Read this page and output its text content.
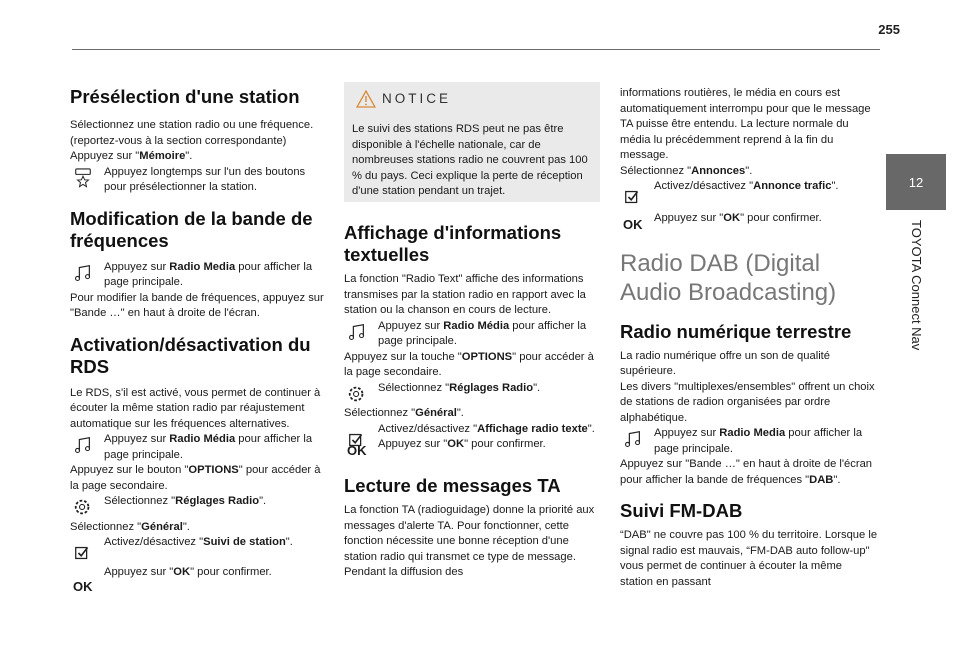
255
12
TOYOTA Connect Nav
Présélection d'une station

Sélectionnez une station radio ou une fréquence. (reportez-vous à la section correspondante)

Appuyez sur "Mémoire".

Appuyez longtemps sur l'un des boutons pour présélectionner la station.
Modification de la bande de fréquences
Appuyez sur Radio Media pour afficher la page principale.

Pour modifier la bande de fréquences, appuyez sur "Bande …" en haut à droite de l'écran.

Activation/désactivation du RDS

Le RDS, s'il est activé, vous permet de continuer à écouter la même station radio par réajustement automatique sur les fréquences alternatives.

Appuyez sur Radio Média pour afficher la page principale.

Appuyez sur le bouton "OPTIONS" pour accéder à la page secondaire.

Sélectionnez "Réglages Radio".

Sélectionnez "Général".

Activez/désactivez "Suivi de station".
OK
Appuyez sur "OK" pour confirmer.
NOTICE
Le suivi des stations RDS peut ne pas être disponible à l'échelle nationale, car de nombreuses stations radio ne couvrent pas 100 % du pays. Ceci explique la perte de réception d'une station pendant un trajet.
Affichage d'informations textuelles

La fonction "Radio Text" affiche des informations transmises par la station radio en rapport avec la station ou la chanson en cours de lecture.

Appuyez sur Radio Média pour afficher la page principale.

Appuyez sur la touche "OPTIONS" pour accéder à la page secondaire.

Sélectionnez "Réglages Radio".

Sélectionnez "Général".

Activez/désactivez "Affichage radio texte".
OK Appuyez sur "OK" pour confirmer.
Lecture de messages TA

La fonction TA (radioguidage) donne la priorité aux messages d'alerte TA. Pour fonctionner, cette fonction nécessite une bonne réception d'une station radio qui transmet ce type de message. Pendant la diffusion des

informations routières, le média en cours est automatiquement interrompu pour que le message TA puisse être entendu. La lecture normale du média lu précédemment reprend à la fin du message.

Sélectionnez "Annonces".

Activez/désactivez "Annonce trafic".
OK Appuyez sur "OK" pour confirmer.
Radio DAB (Digital Audio Broadcasting)
Radio numérique terrestre

La radio numérique offre un son de qualité supérieure.

Les divers "multiplexes/ensembles" offrent un choix de stations de radion organisées par ordre alphabétique.

Appuyez sur Radio Media pour afficher la page principale.

Appuyez sur "Bande …" en haut à droite de l'écran pour afficher la bande de fréquences "DAB".

Suivi FM-DAB

“DAB" ne couvre pas 100 % du territoire. Lorsque le signal radio est mauvais, “FM-DAB auto follow-up" vous permet de continuer à écouter la même station en passant
